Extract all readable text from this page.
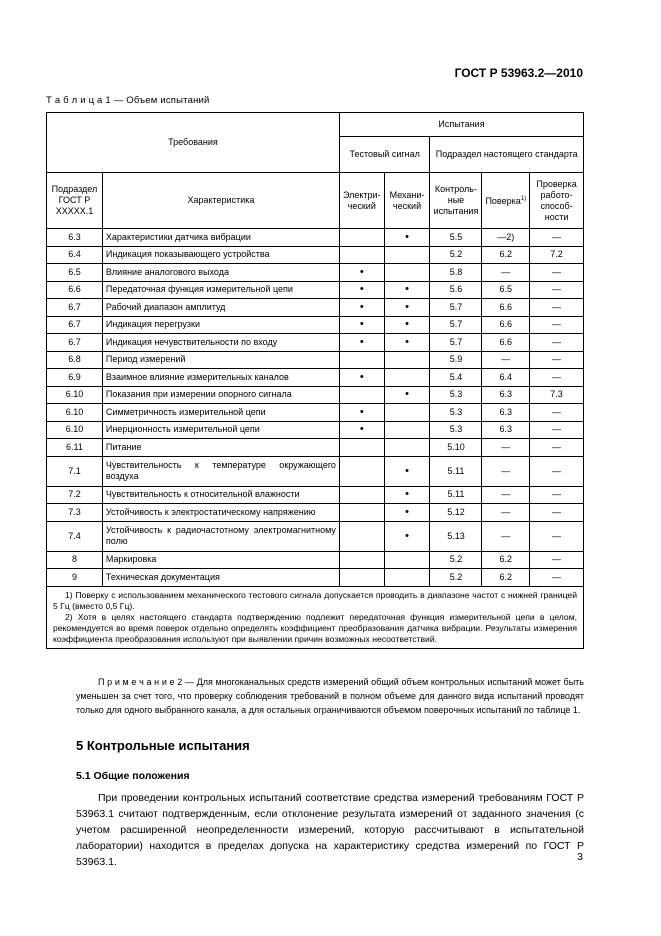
ГОСТ Р 53963.2—2010
Т а б л и ц а 1 — Объем испытаний
Требования		Испытания				
		Тестовый сигнал		Подраздел настоящего стандарта		
Подраздел ГОСТ Р ХХХХХ.1	Характеристика	Электри-ческий	Механи-ческий	Контроль-ные испытания	Поверка$^{1)}$	Проверка работо-способ-ности
6.3	Характеристики датчика вибрации		•	5.5	—2)	—
6.4	Индикация показывающего устройства			5.2	6.2	7.2
6.5	Влияние аналогового выхода	•		5.8	—	—
6.6	Передаточная функция измерительной цепи	•	•	5.6	6.5	—
6.7	Рабочий диапазон амплитуд	•	•	5.7	6.6	—
6.7	Индикация перегрузки	•	•	5.7	6.6	—
6.7	Индикация нечувствительности по входу	•	•	5.7	6.6	—
6.8	Период измерений			5.9	—	—
6.9	Взаимное влияние измерительных каналов	•		5.4	6.4	—
6.10	Показания при измерении опорного сигнала		•	5.3	6.3	7.3
6.10	Симметричность измерительной цепи	•		5.3	6.3	—
6.10	Инерционность измерительной цепи	•		5.3	6.3	—
6.11	Питание			5.10	—	—
7.1	Чувствительность к температуре окружающего воздуха		•	5.11	—	—
7.2	Чувствительность к относительной влажности		•	5.11	—	—
7.3	Устойчивость к электростатическому напряжению		•	5.12	—	—
7.4	Устойчивость к радиочастотному электромагнитному полю		•	5.13	—	—
8	Маркировка			5.2	6.2	—
9	Техническая документация			5.2	6.2	—

1) Поверку с использованием механического тестового сигнала допускается проводить в диапазоне частот с нижней границей 5 Гц (вместо 0,5 Гц).

2) Хотя в целях настоящего стандарта подтверждению подлежит передаточная функция измерительной цепи в целом, рекомендуется во время поверок отдельно определять коэффициент преобразования датчика вибрации. Результаты измерения коэффициента преобразования используют при выявлении причин возможных несоответствий.						

П р и м е ч а н и е 2 — Для многоканальных средств измерений общий объем контрольных испытаний может быть уменьшен за счет того, что проверку соблюдения требований в полном объеме для данного вида испытаний проводят только для одного выбранного канала, а для остальных ограничиваются объемом поверочных испытаний по таблице 1.
5 Контрольные испытания
5.1 Общие положения
При проведении контрольных испытаний соответствие средства измерений требованиям ГОСТ Р 53963.1 считают подтвержденным, если отклонение результата измерений от заданного значения (с учетом расширенной неопределенности измерений, которую рассчитывают в испытательной лаборатории) находится в пределах допуска на характеристику средства измерений по ГОСТ Р 53963.1.	3
